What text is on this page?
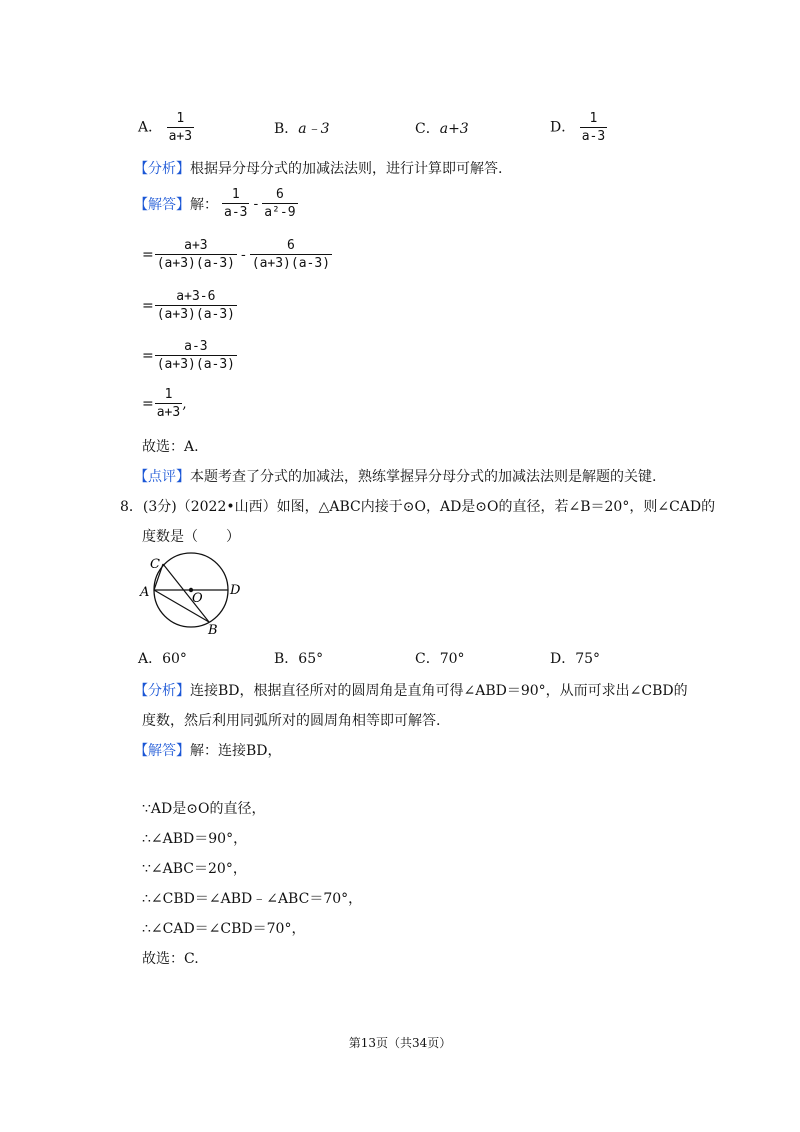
A． $\frac{1}{a+3}$	B．a﹣3	C．a+3	D． $\frac{1}{a-3}$
【分析】根据异分母分式的加减法法则，进行计算即可解答.
【解答】 解： $\frac{1}{a-3} - \frac{6}{\text{a²-9}}$
= $\frac{a+3}{(a+3)(a-3)} - \frac{6}{(a+3)(a-3)}$
= $\frac{a+3-6}{(a+3)(a-3)}$
= $\frac{a-3}{(a+3)(a-3)}$
= $\frac{1}{a+3}$ ,
故选：A.
【点评】本题考查了分式的加减法，熟练掌握异分母分式的加减法法则是解题的关键.
8．(3分)（2022•山西）如图，△ABC内接于⊙O，AD是⊙O的直径，若∠B＝20°，则∠CAD的
度数是（　　）
C
A	O
D
B
A．60°	B．65°	C．70°	D．75°
【分析】连接BD，根据直径所对的圆周角是直角可得∠ABD＝90°，从而可求出∠CBD的
度数，然后利用同弧所对的圆周角相等即可解答.
【解答】解：连接BD，
∵AD是⊙O的直径，
∴∠ABD＝90°，
∵∠ABC＝20°，
∴∠CBD＝∠ABD﹣∠ABC＝70°，
∴∠CAD＝∠CBD＝70°，
故选：C.
第13页（共34页）
